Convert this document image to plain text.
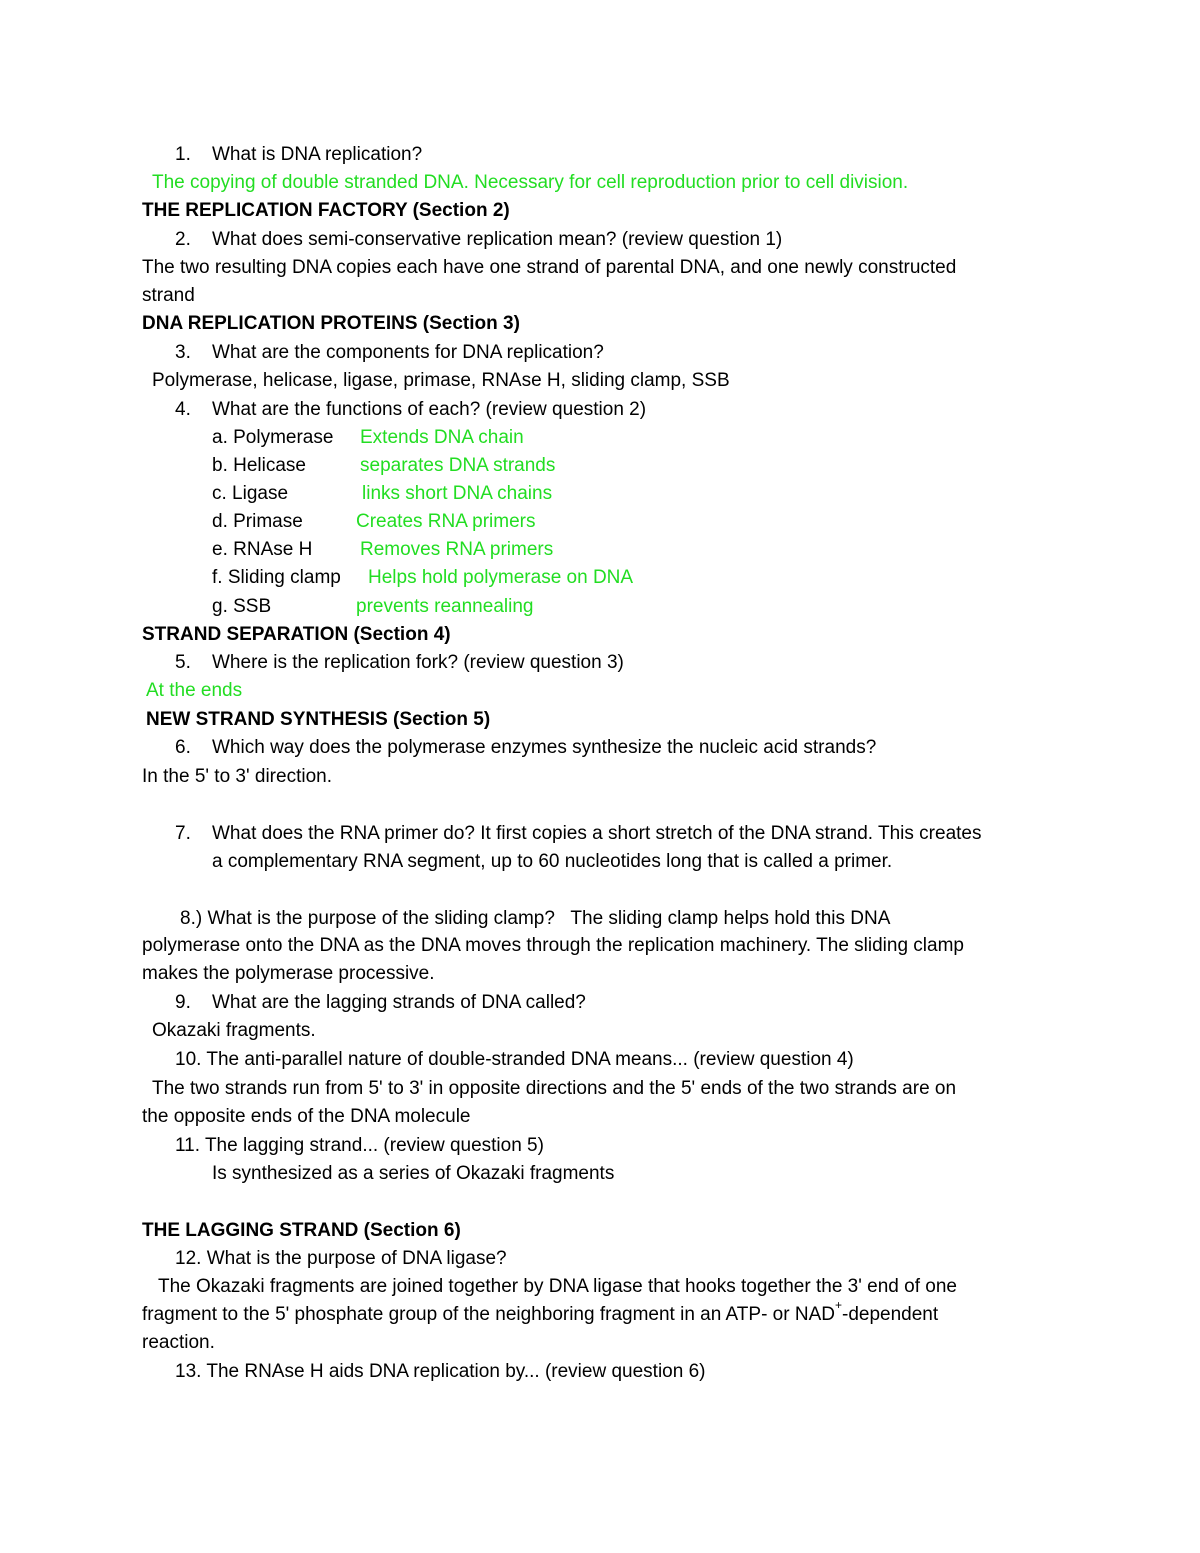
1. What is DNA replication?
The copying of double stranded DNA. Necessary for cell reproduction prior to cell division.
THE REPLICATION FACTORY (Section 2)
2. What does semi-conservative replication mean? (review question 1)
The two resulting DNA copies each have one strand of parental DNA, and one newly constructed
strand
DNA REPLICATION PROTEINS (Section 3)
3. What are the components for DNA replication?
Polymerase, helicase, ligase, primase, RNAse H, sliding clamp, SSB
4. What are the functions of each? (review question 2)
a. Polymerase Extends DNA chain
b. Helicase	separates DNA strands
c. Ligase	links short DNA chains
d. Primase	Creates RNA primers
e. RNAse H	Removes RNA primers
f. Sliding clamp Helps hold polymerase on DNA
g. SSB	prevents reannealing
STRAND SEPARATION (Section 4)
5. Where is the replication fork? (review question 3)
At the ends
NEW STRAND SYNTHESIS (Section 5)
6. Which way does the polymerase enzymes synthesize the nucleic acid strands?
In the 5' to 3' direction.
7. What does the RNA primer do? It first copies a short stretch of the DNA strand. This creates
a complementary RNA segment, up to 60 nucleotides long that is called a primer.
8.) What is the purpose of the sliding clamp?   The sliding clamp helps hold this DNA
polymerase onto the DNA as the DNA moves through the replication machinery. The sliding clamp
makes the polymerase processive.
9. What are the lagging strands of DNA called?
Okazaki fragments.
10. The anti-parallel nature of double-stranded DNA means... (review question 4)
The two strands run from 5' to 3' in opposite directions and the 5' ends of the two strands are on
the opposite ends of the DNA molecule
11. The lagging strand... (review question 5)
Is synthesized as a series of Okazaki fragments
THE LAGGING STRAND (Section 6)
12. What is the purpose of DNA ligase?
The Okazaki fragments are joined together by DNA ligase that hooks together the 3' end of one
fragment to the 5' phosphate group of the neighboring fragment in an ATP- or NAD+-dependent
reaction.
13. The RNAse H aids DNA replication by... (review question 6)
